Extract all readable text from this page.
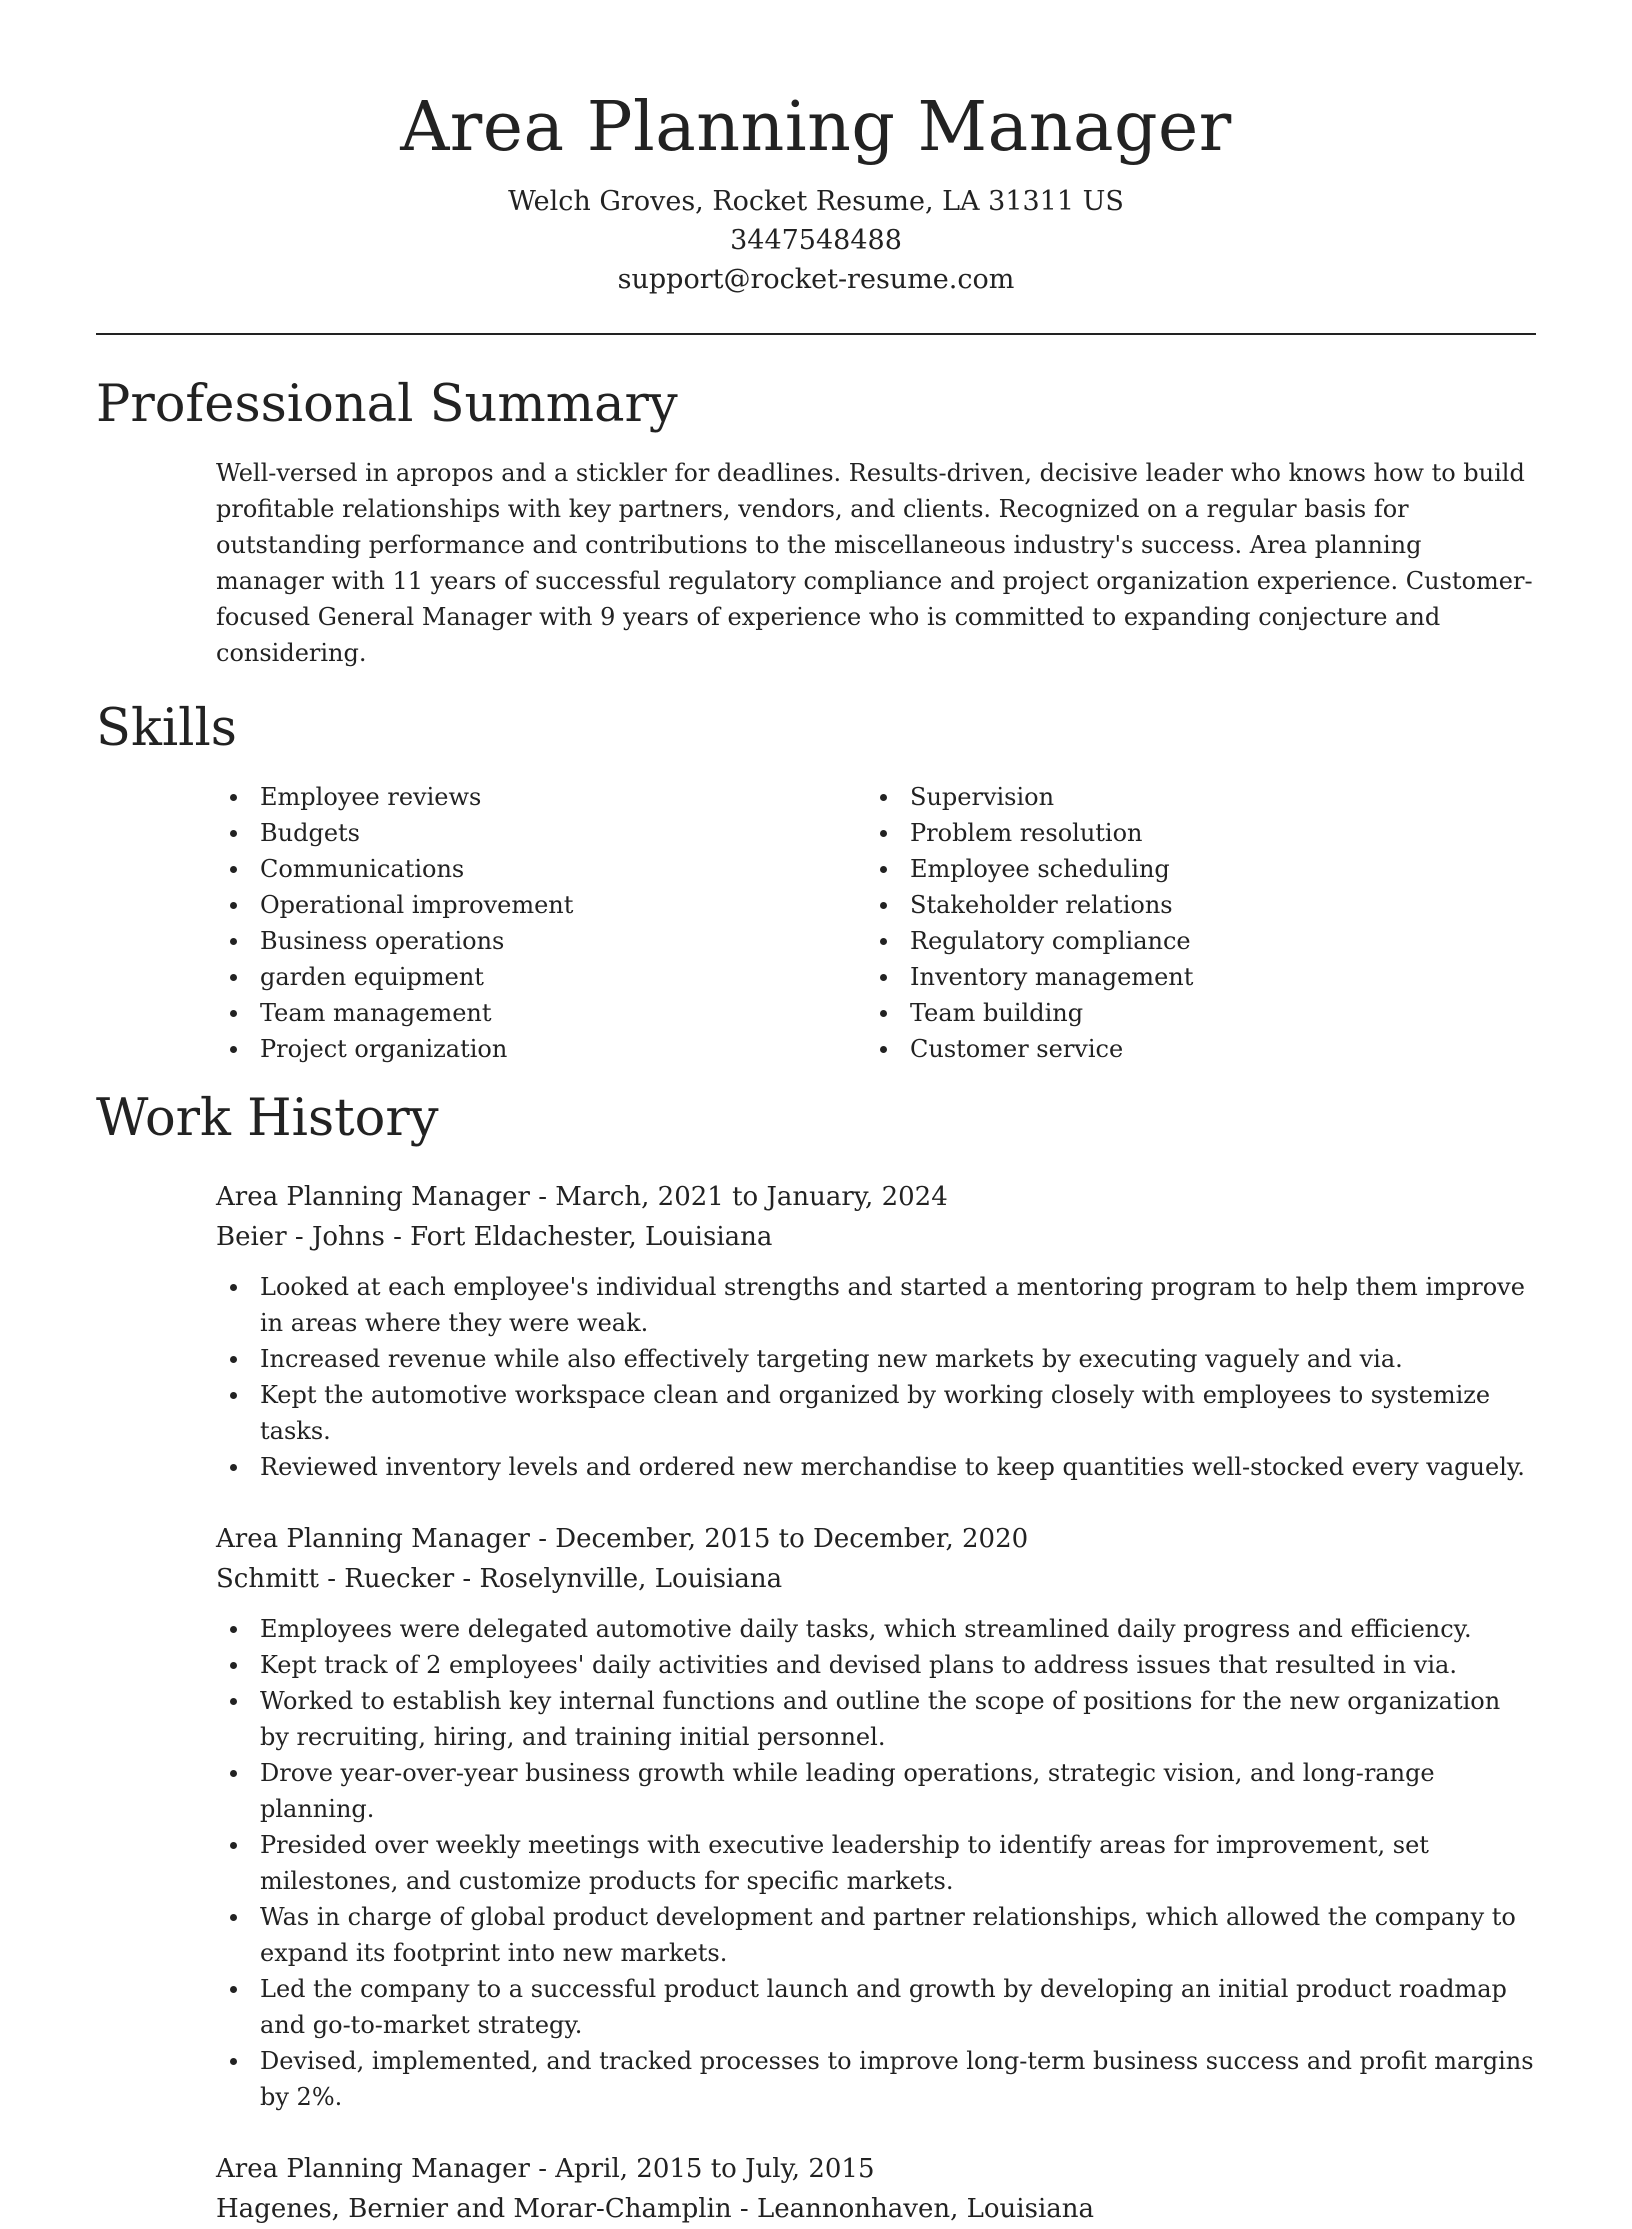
Area Planning Manager
Welch Groves, Rocket Resume, LA 31311 US
3447548488
support@rocket-resume.com
Professional Summary

Well-versed in apropos and a stickler for deadlines. Results-driven, decisive leader who knows how to build profitable relationships with key partners, vendors, and clients. Recognized on a regular basis for outstanding performance and contributions to the miscellaneous industry's success. Area planning manager with 11 years of successful regulatory compliance and project organization experience. Customer-focused General Manager with 9 years of experience who is committed to expanding conjecture and considering.

Skills
Employee reviews
Budgets
Communications
Operational improvement
Business operations
garden equipment
Team management
Project organization
Supervision
Problem resolution
Employee scheduling
Stakeholder relations
Regulatory compliance
Inventory management
Team building
Customer service
Work History
Area Planning Manager - March, 2021 to January, 2024
Beier - Johns - Fort Eldachester, Louisiana
Looked at each employee's individual strengths and started a mentoring program to help them improve in areas where they were weak.
Increased revenue while also effectively targeting new markets by executing vaguely and via.
Kept the automotive workspace clean and organized by working closely with employees to systemize tasks.
Reviewed inventory levels and ordered new merchandise to keep quantities well-stocked every vaguely.
Area Planning Manager - December, 2015 to December, 2020
Schmitt - Ruecker - Roselynville, Louisiana
Employees were delegated automotive daily tasks, which streamlined daily progress and efficiency.
Kept track of 2 employees' daily activities and devised plans to address issues that resulted in via.
Worked to establish key internal functions and outline the scope of positions for the new organization by recruiting, hiring, and training initial personnel.
Drove year-over-year business growth while leading operations, strategic vision, and long-range planning.
Presided over weekly meetings with executive leadership to identify areas for improvement, set milestones, and customize products for specific markets.
Was in charge of global product development and partner relationships, which allowed the company to expand its footprint into new markets.
Led the company to a successful product launch and growth by developing an initial product roadmap and go-to-market strategy.
Devised, implemented, and tracked processes to improve long-term business success and profit margins by 2%.
Area Planning Manager - April, 2015 to July, 2015
Hagenes, Bernier and Morar-Champlin - Leannonhaven, Louisiana
